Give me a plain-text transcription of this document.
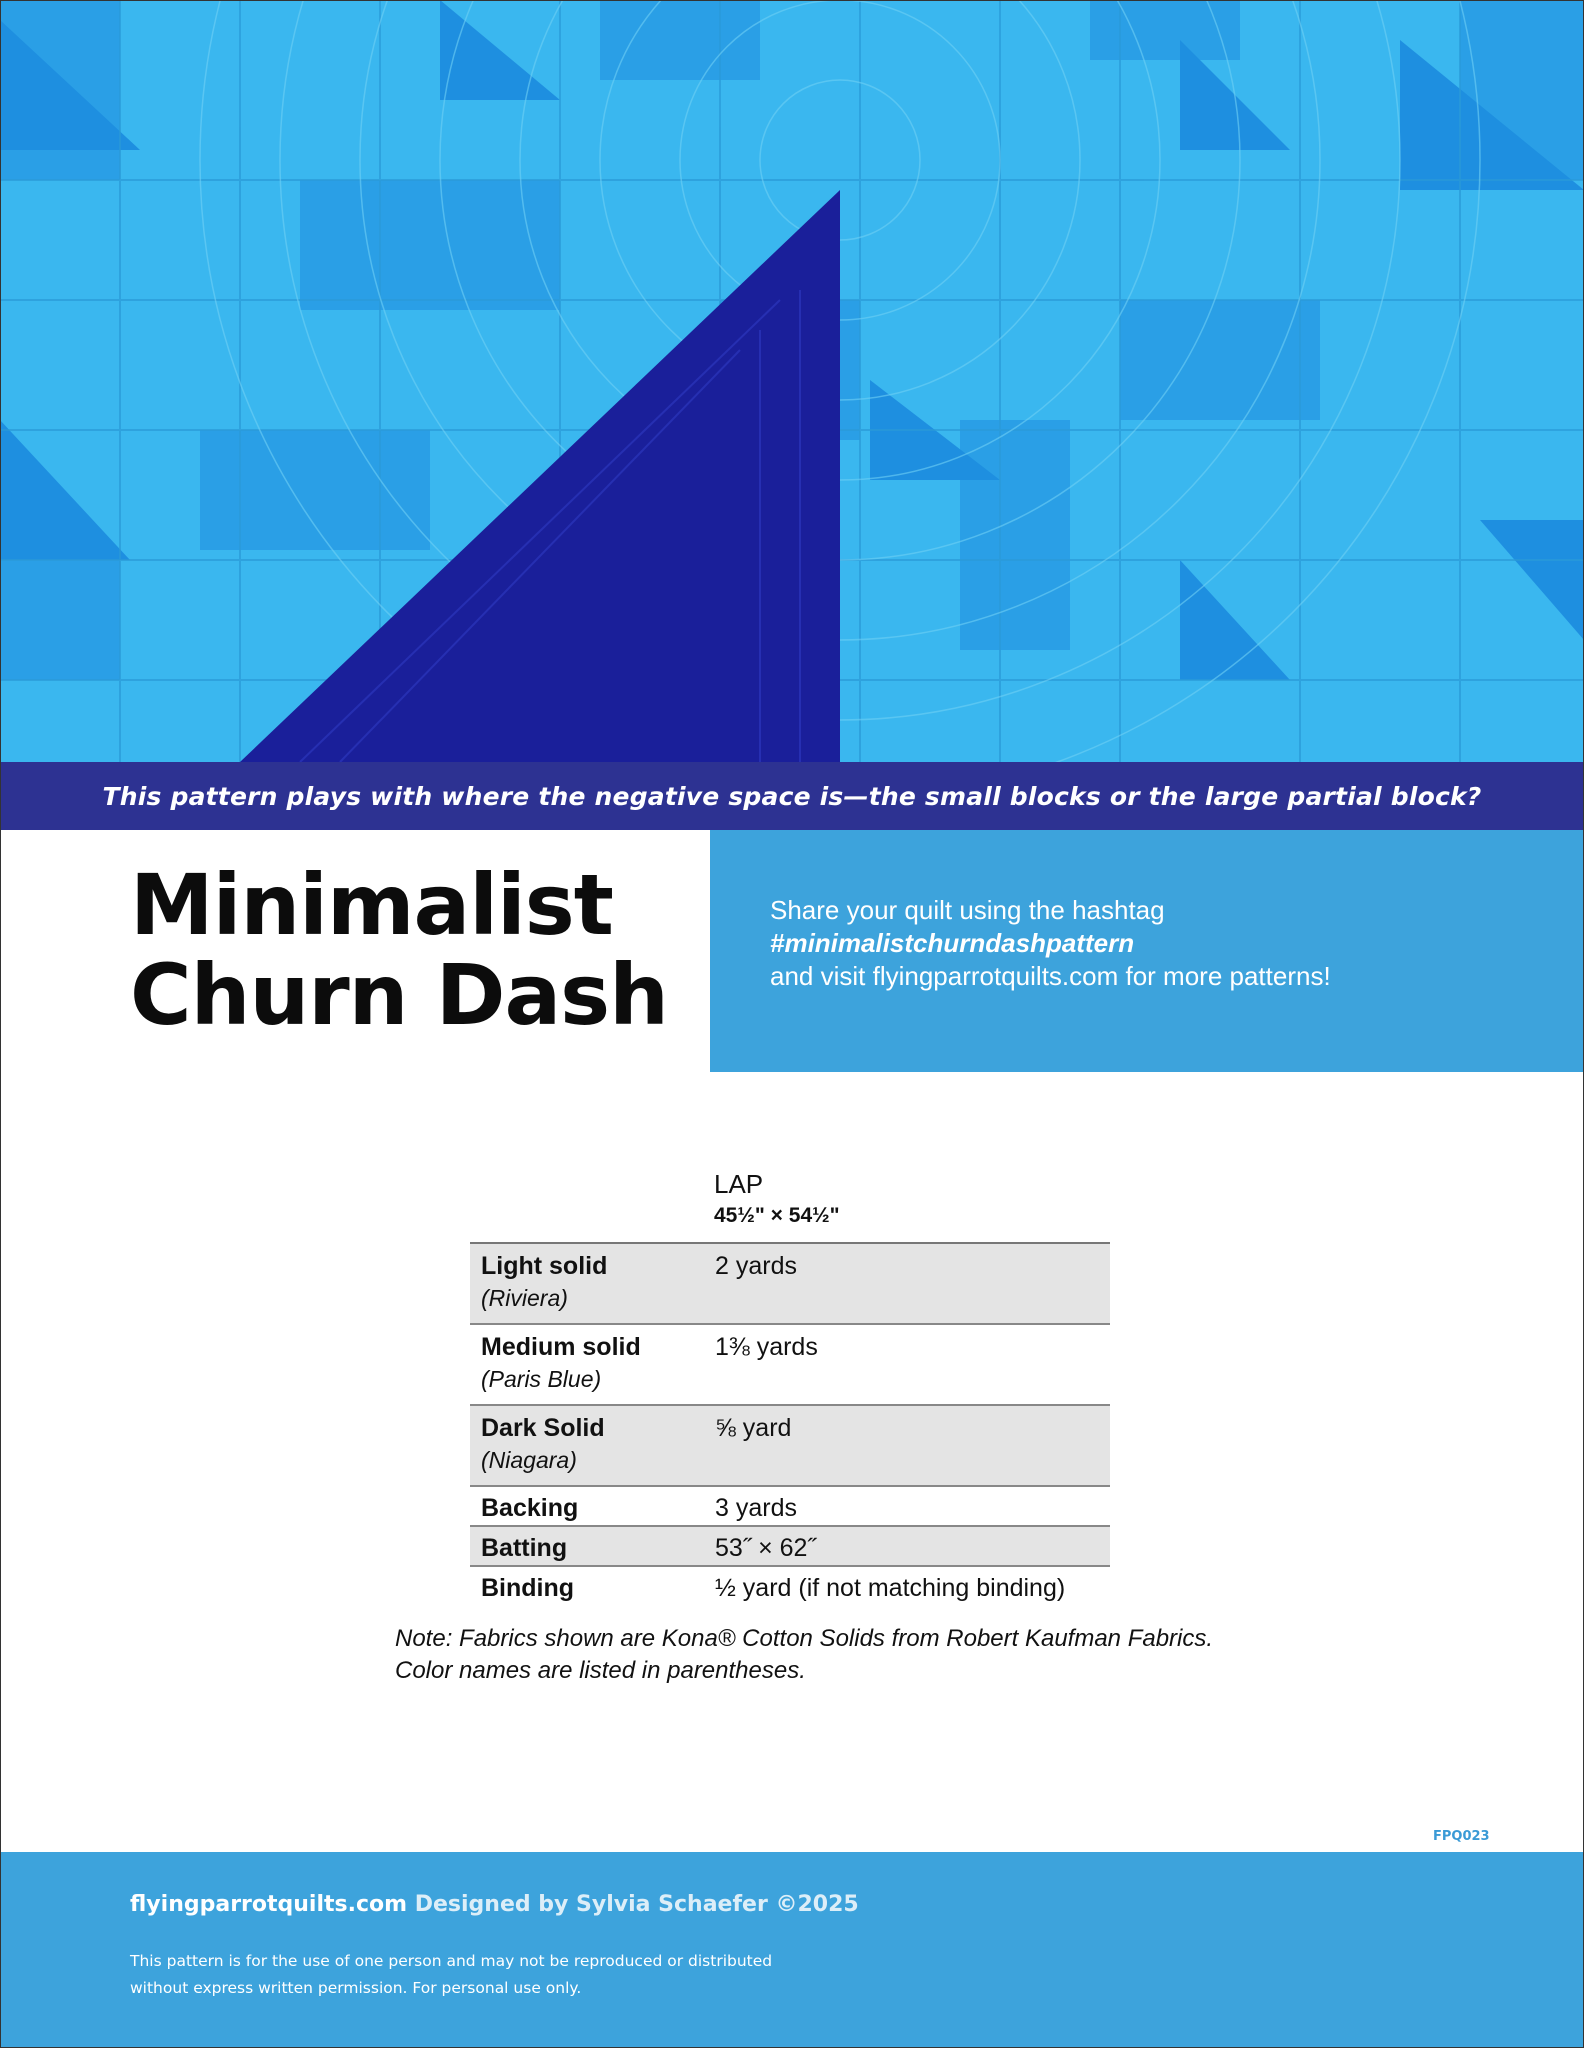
This pattern plays with where the negative space is—the small blocks or the large partial block?
Minimalist
Churn Dash
Share your quilt using the hashtag
#minimalistchurndashpattern
and visit flyingparrotquilts.com for more patterns!
LAP
45½" × 54½"
Light solid
(Riviera)	2 yards

Medium solid
(Paris Blue)	1⅜ yards

Dark Solid
(Niagara)	⅝ yard

Backing	3 yards

Batting	53˝ × 62˝

Binding	½ yard (if not matching binding)
Note: Fabrics shown are Kona® Cotton Solids from Robert Kaufman Fabrics.
Color names are listed in parentheses.
FPQ023
flyingparrotquilts.com Designed by Sylvia Schaefer ©2025
This pattern is for the use of one person and may not be reproduced or distributed
without express written permission. For personal use only.
